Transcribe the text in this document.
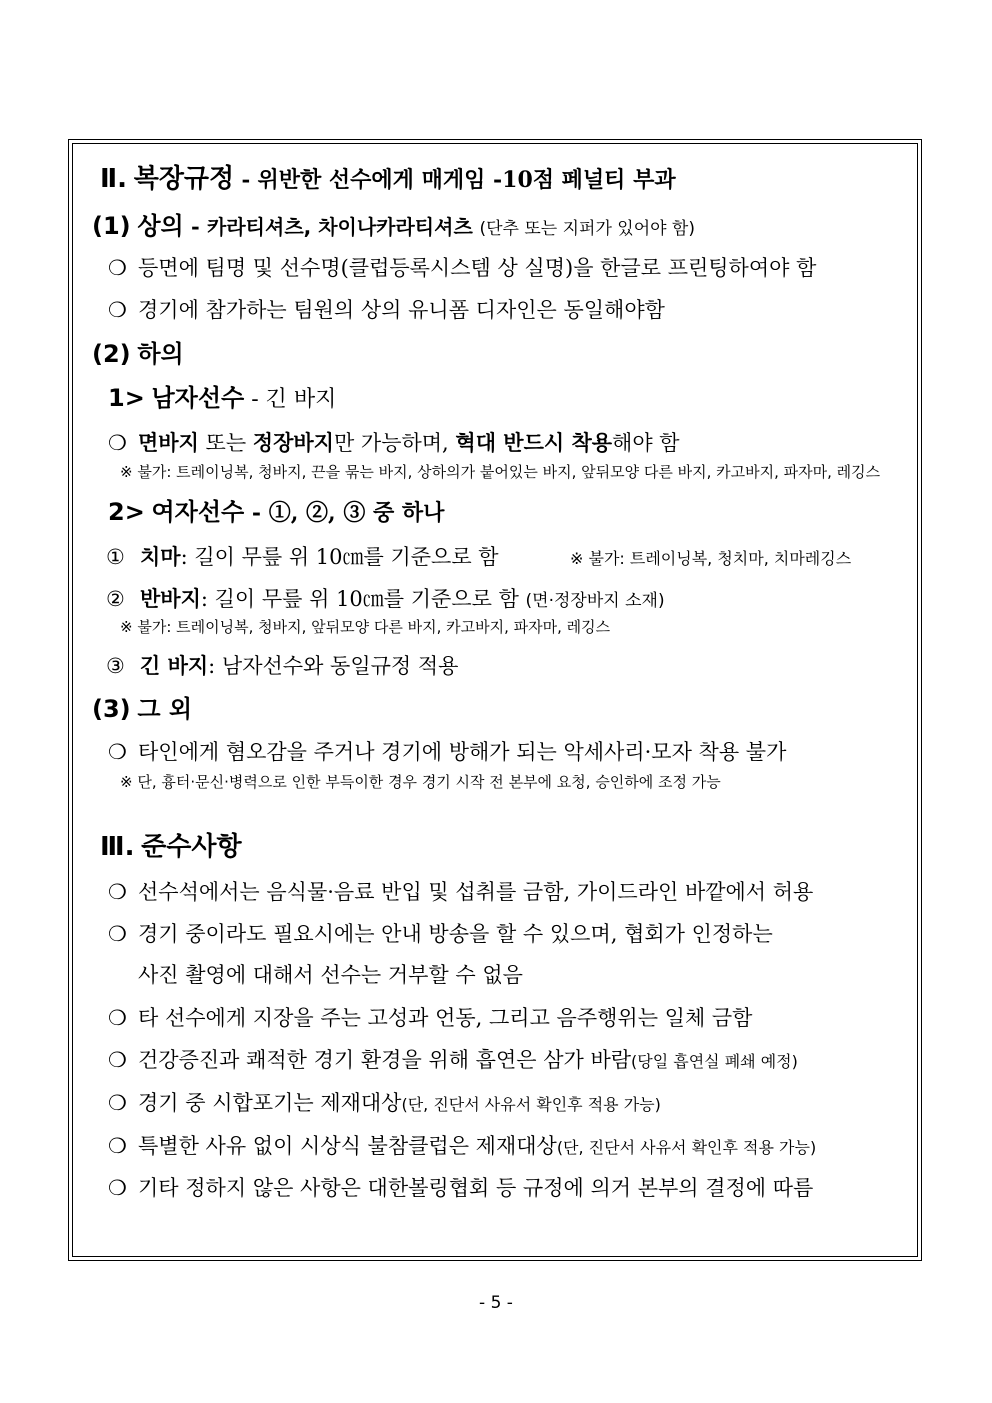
Ⅱ. 복장규정 - 위반한 선수에게 매게임 -10점 페널티 부과
(1) 상의 - 카라티셔츠, 차이나카라티셔츠 (단추 또는 지퍼가 있어야 함)
❍ 등면에 팀명 및 선수명(클럽등록시스템 상 실명)을 한글로 프린팅하여야 함
❍ 경기에 참가하는 팀원의 상의 유니폼 디자인은 동일해야함
(2) 하의
1> 남자선수 - 긴 바지
❍ 면바지 또는 정장바지만 가능하며, 혁대 반드시 착용해야 함
※ 불가: 트레이닝복, 청바지, 끈을 묶는 바지, 상하의가 붙어있는 바지, 앞뒤모양 다른 바지, 카고바지, 파자마, 레깅스
2> 여자선수 - ①, ②, ③ 중 하나
① 치마: 길이 무릎 위 10㎝를 기준으로 함	※ 불가: 트레이닝복, 청치마, 치마레깅스
② 반바지: 길이 무릎 위 10㎝를 기준으로 함 (면·정장바지 소재)
※ 불가: 트레이닝복, 청바지, 앞뒤모양 다른 바지, 카고바지, 파자마, 레깅스
③ 긴 바지: 남자선수와 동일규정 적용
(3) 그 외
❍ 타인에게 혐오감을 주거나 경기에 방해가 되는 악세사리·모자 착용 불가
※ 단, 흉터·문신·병력으로 인한 부득이한 경우 경기 시작 전 본부에 요청, 승인하에 조정 가능
Ⅲ. 준수사항
❍ 선수석에서는 음식물·음료 반입 및 섭취를 금함, 가이드라인 바깥에서 허용
❍ 경기 중이라도 필요시에는 안내 방송을 할 수 있으며, 협회가 인정하는
사진 촬영에 대해서 선수는 거부할 수 없음
❍ 타 선수에게 지장을 주는 고성과 언동, 그리고 음주행위는 일체 금함
❍ 건강증진과 쾌적한 경기 환경을 위해 흡연은 삼가 바람(당일 흡연실 폐쇄 예정)
❍ 경기 중 시합포기는 제재대상(단, 진단서 사유서 확인후 적용 가능)
❍ 특별한 사유 없이 시상식 불참클럽은 제재대상(단, 진단서 사유서 확인후 적용 가능)
❍ 기타 정하지 않은 사항은 대한볼링협회 등 규정에 의거 본부의 결정에 따름
- 5 -
